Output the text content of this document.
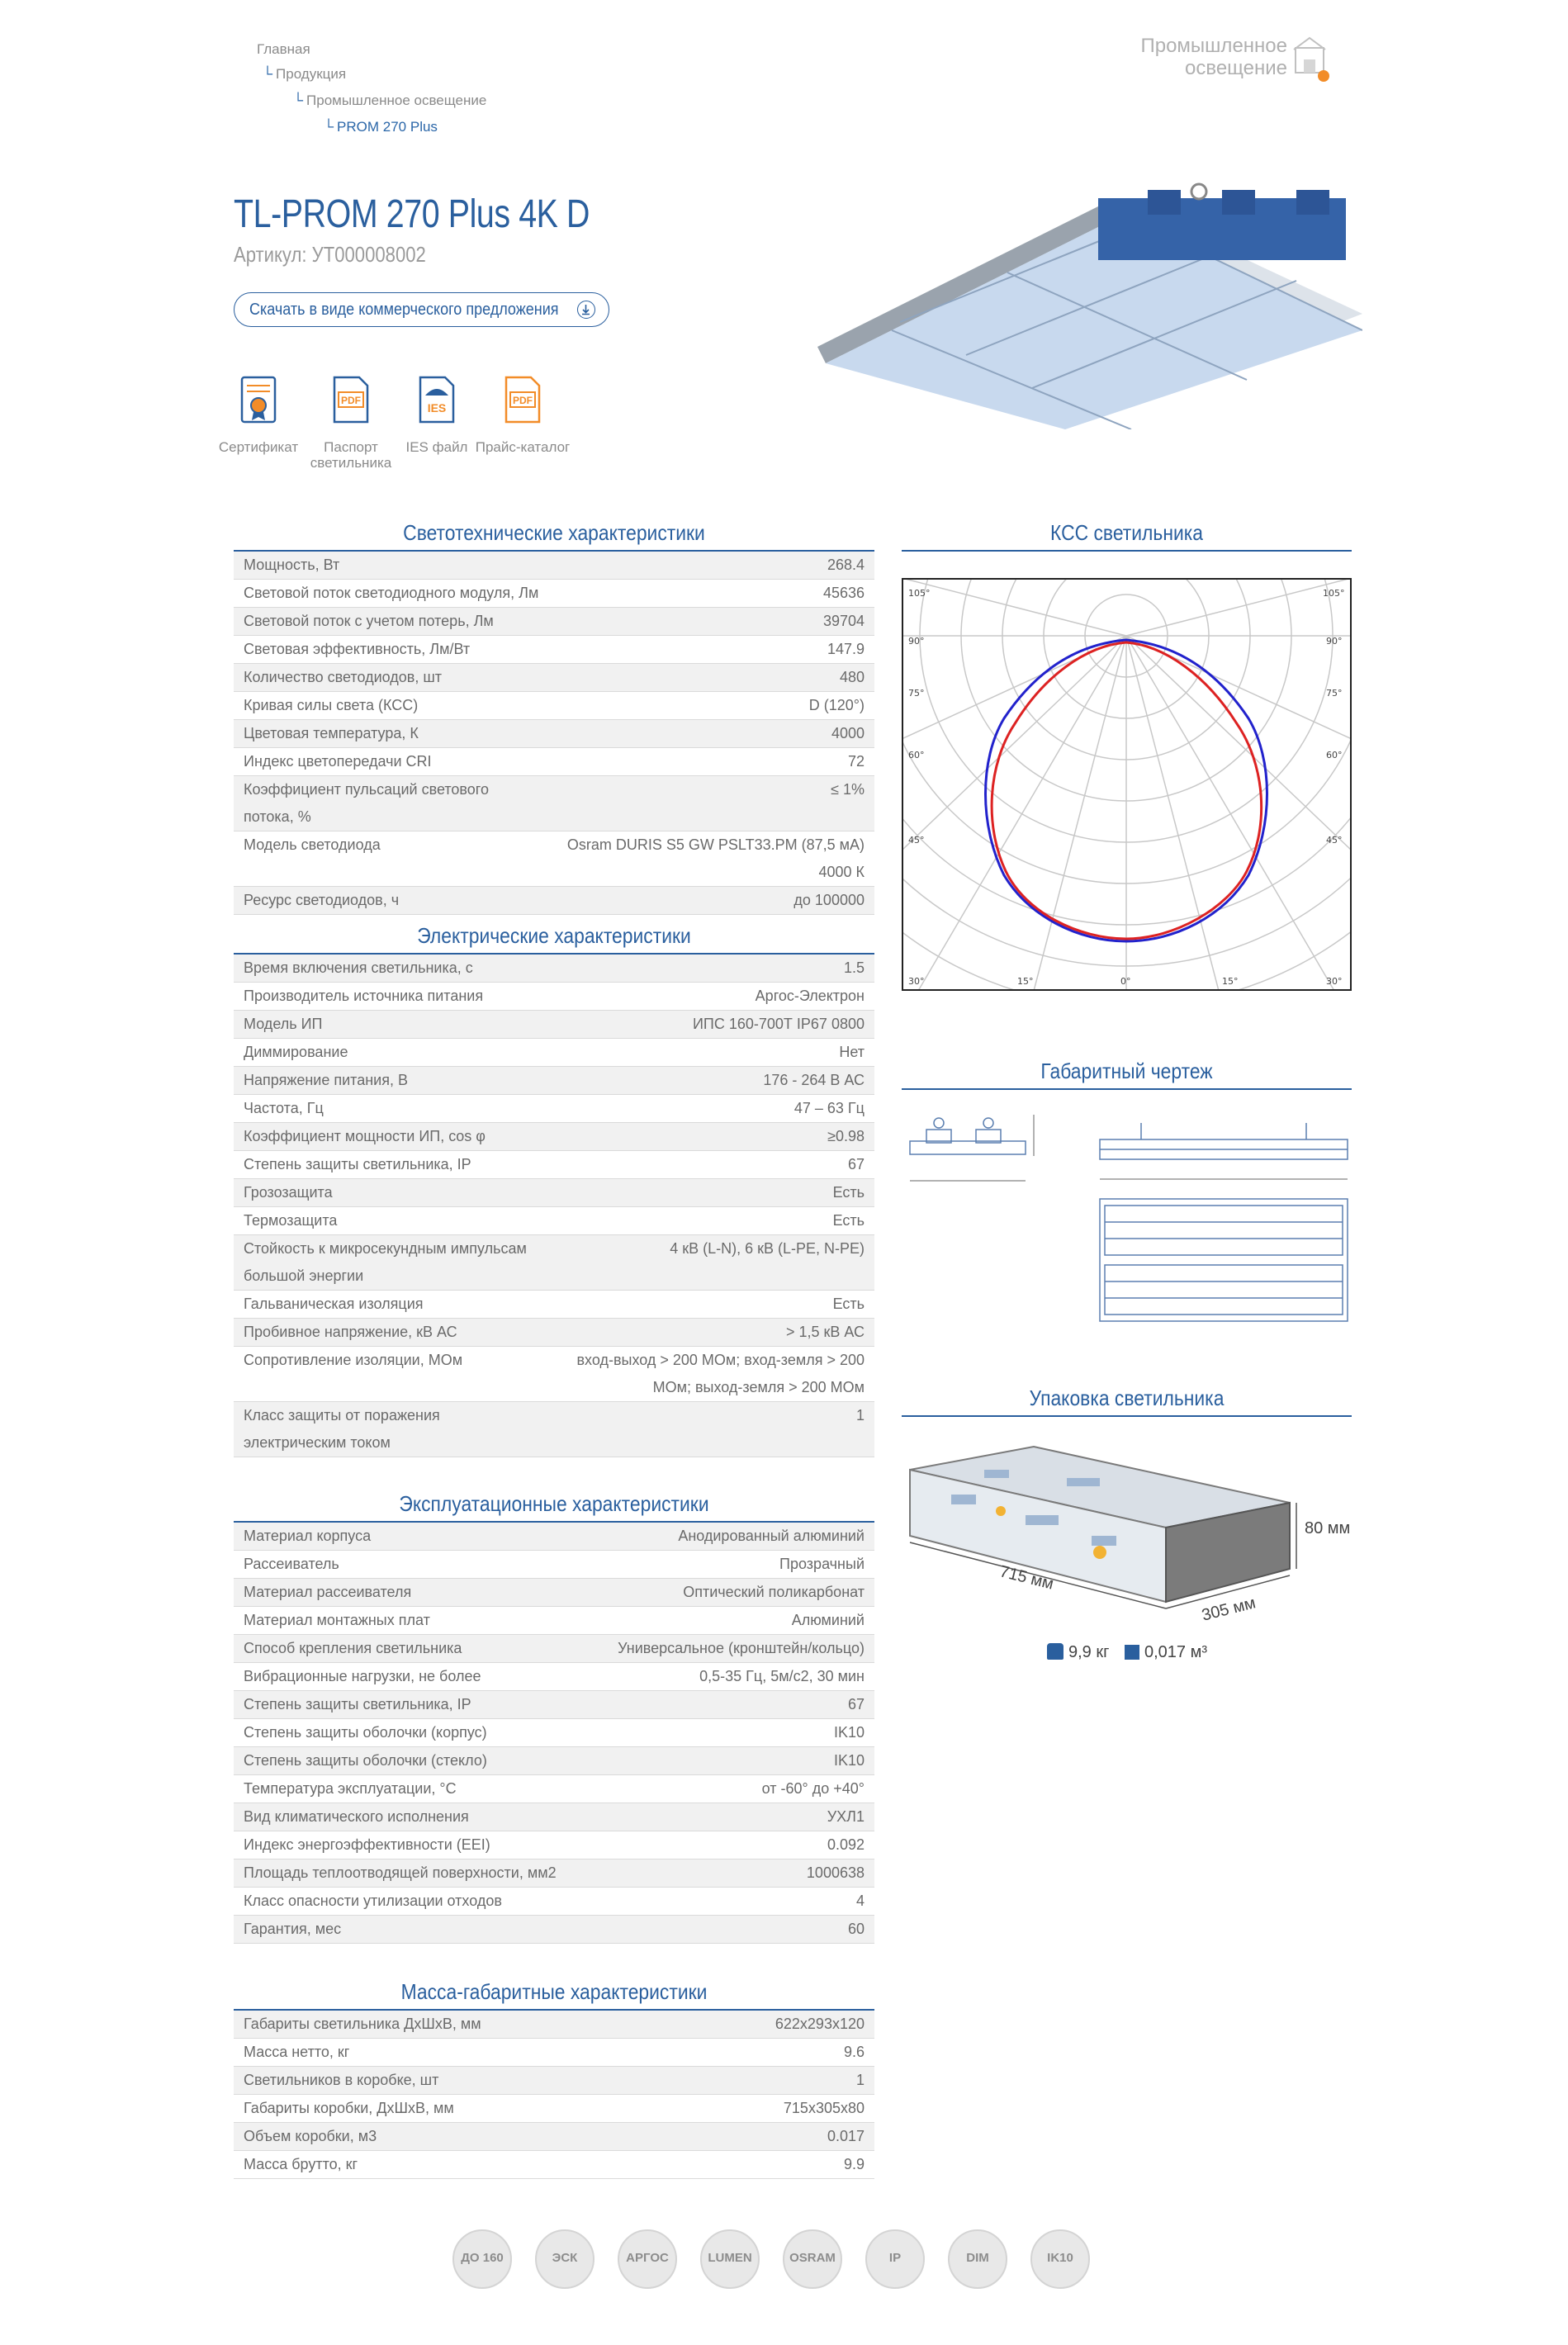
Главная
└ Продукция
└ Промышленное освещение
└ PROM 270 Plus
Промышленное
освещение
TL-PROM 270 Plus 4K D
Артикул: УТ000008002
Скачать в виде коммерческого предложения
Сертификат
PDF
Паспорт светильника
IES
IES файл
PDF
Прайс-каталог
Светотехнические характеристики
Мощность, Вт	268.4
Световой поток светодиодного модуля, Лм	45636
Световой поток с учетом потерь, Лм	39704
Световая эффективность, Лм/Вт	147.9
Количество светодиодов, шт	480
Кривая силы света (КСС)	D (120°)
Цветовая температура, К	4000
Индекс цветопередачи CRI	72
Коэффициент пульсаций светового потока, %	≤ 1%
Модель светодиода	Osram DURIS S5 GW PSLT33.PM (87,5 мА) 4000 К
Ресурс светодиодов, ч	до 100000
Электрические характеристики
Время включения светильника, с	1.5
Производитель источника питания	Аргос-Электрон
Модель ИП	ИПС 160-700Т IP67 0800
Диммирование	Нет
Напряжение питания, В	176 - 264 В АС
Частота, Гц	47 – 63 Гц
Коэффициент мощности ИП, cos φ	≥0.98
Степень защиты светильника, IP	67
Грозозащита	Есть
Термозащита	Есть
Стойкость к микросекундным импульсам большой энергии	4 кВ (L-N), 6 кВ (L-PE, N-PE)
Гальваническая изоляция	Есть
Пробивное напряжение, кВ АС	> 1,5 кВ АС
Сопротивление изоляции, МОм	вход-выход > 200 МОм; вход-земля > 200 МОм; выход-земля > 200 МОм
Класс защиты от поражения электрическим током	1
Эксплуатационные характеристики
Материал корпуса	Анодированный алюминий
Рассеиватель	Прозрачный
Материал рассеивателя	Оптический поликарбонат
Материал монтажных плат	Алюминий
Способ крепления светильника	Универсальное (кронштейн/кольцо)
Вибрационные нагрузки, не более	0,5-35 Гц, 5м/с2, 30 мин
Степень защиты светильника, IP	67
Степень защиты оболочки (корпус)	IK10
Степень защиты оболочки (стекло)	IK10
Температура эксплуатации, °С	от -60° до +40°
Вид климатического исполнения	УХЛ1
Индекс энергоэффективности (EEI)	0.092
Площадь теплоотводящей поверхности, мм2	1000638
Класс опасности утилизации отходов	4
Гарантия, мес	60
Масса-габаритные характеристики
Габариты светильника ДхШхВ, мм	622x293x120
Масса нетто, кг	9.6
Светильников в коробке, шт	1
Габариты коробки, ДхШхВ, мм	715x305x80
Объем коробки, м3	0.017
Масса брутто, кг	9.9
КСС светильника
105°
90°
75°
60°
45°
105°
90°
75°
60°
45°
30°	15°	0°	15°	30°
Габаритный чертеж
Упаковка светильника
715 мм
305 мм
80 мм
9,9 кг	0,017 м³
ДО 160	ЭСК	АРГОС	LUMEN	OSRAM	IP	DIM	IK10
